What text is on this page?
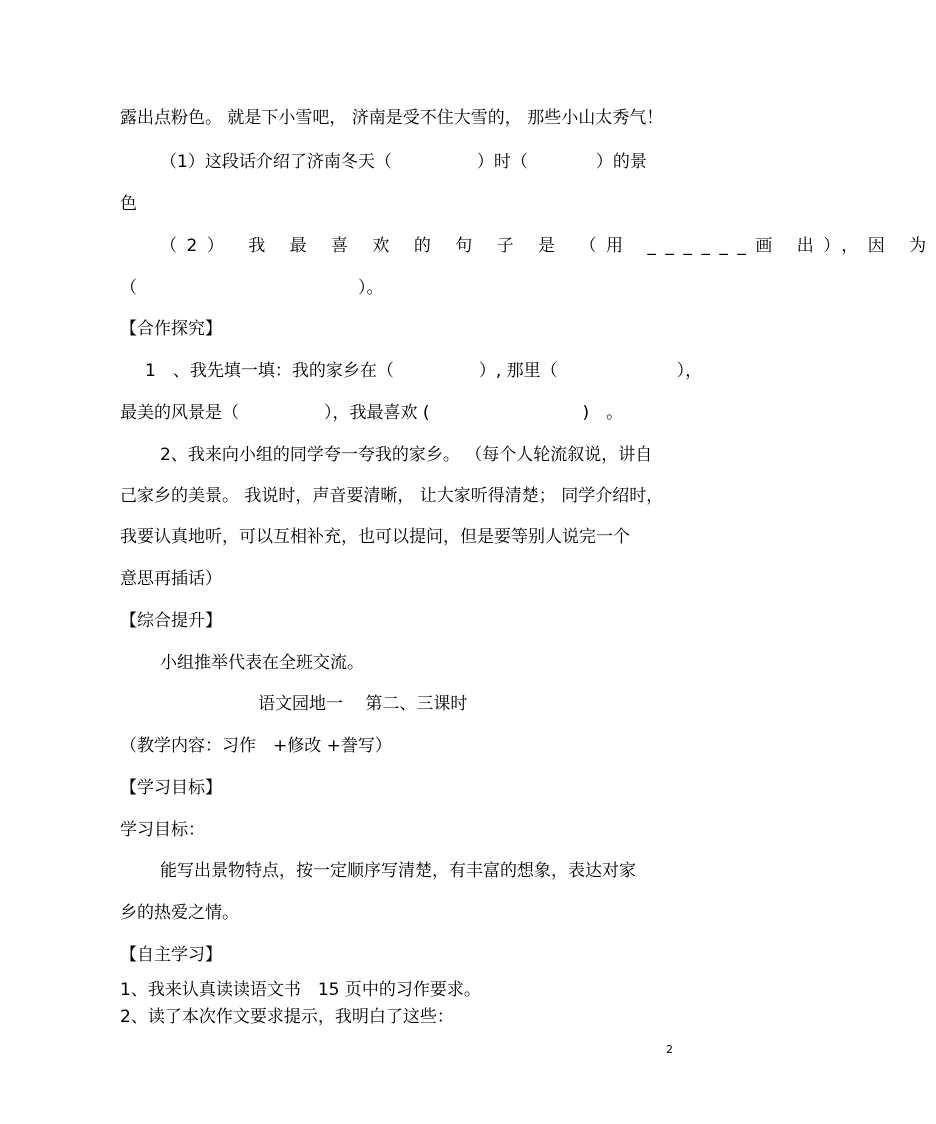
露出点粉色。 就是下小雪吧， 济南是受不住大雪的， 那些小山太秀气！
（1）这段话介绍了济南冬天（　　　　　）时（　　　　）的景
色
（2） 我 最 喜 欢 的 句 子 是 （用 ______画 出），因 为
（　　　　　　　　　　　　　）。
【合作探究】
1　、我先填一填：我的家乡在（　　　　　）, 那里（　　　　　　　），
最美的风景是（　　　　　），我最喜欢 (　　　　　　　　　)　。
2、我来向小组的同学夸一夸我的家乡。 （每个人轮流叙说，讲自
己家乡的美景。 我说时，声音要清晰， 让大家听得清楚； 同学介绍时，
我要认真地听，可以互相补充，也可以提问，但是要等别人说完一个
意思再插话）
【综合提升】
小组推举代表在全班交流。
语文园地一　 第二、三课时
（教学内容：习作　+修改 +誊写）
【学习目标】
学习目标：
能写出景物特点，按一定顺序写清楚，有丰富的想象，表达对家
乡的热爱之情。
【自主学习】
1、我来认真读读语文书　15 页中的习作要求。
2、读了本次作文要求提示，我明白了这些：
2
